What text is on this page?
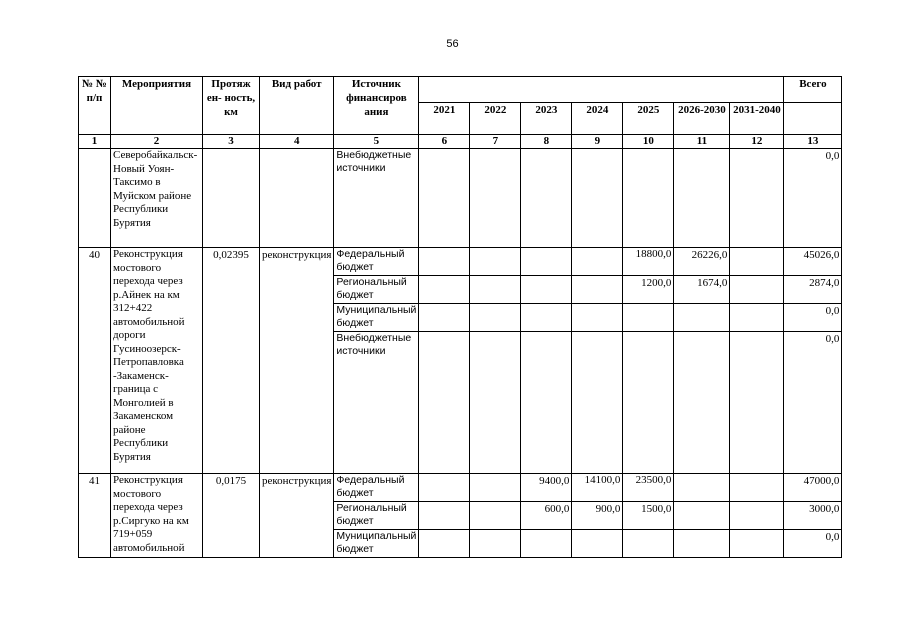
56
№ № п/п	Мероприятия	Протяж ен- ность, км	Вид работ	Источник финансиров ания								Всего
					2021	2022	2023	2024	2025	2026-2030	2031-2040	
1	2	3	4	5	6	7	8	9	10	11	12	13
	Северобайкальск- Новый Уоян- Таксимо в Муйском районе Республики Бурятия			Внебюджетные источники								0,0
40	Реконструкция мостового перехода через р.Айнек на км 312+422 автомобильной дороги Гусиноозерск-Петропавловка -Закаменск-граница с Монголией в Закаменском районе Республики Бурятия	0,02395	реконструкция	Федеральный бюджет					18800,0	26226,0		45026,0
				Региональный бюджет					1200,0	1674,0		2874,0
				Муниципальный бюджет								0,0
				Внебюджетные источники								0,0
41	Реконструкция мостового перехода через р.Сиргуко на км 719+059 автомобильной	0,0175	реконструкция	Федеральный бюджет			9400,0	14100,0	23500,0			47000,0
				Региональный бюджет			600,0	900,0	1500,0			3000,0
				Муниципальный бюджет								0,0
